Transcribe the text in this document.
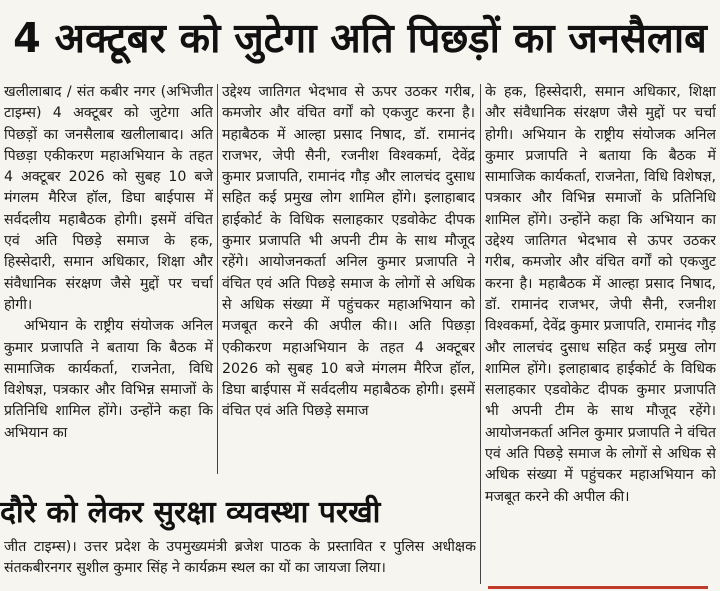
4 अक्टूबर को जुटेगा अति पिछड़ों का जनसैलाब

खलीलाबाद / संत कबीर नगर (अभिजीत टाइम्स) 4 अक्टूबर को जुटेगा अति पिछड़ों का जनसैलाब खलीलाबाद। अति पिछड़ा एकीकरण महाअभियान के तहत 4 अक्टूबर 2026 को सुबह 10 बजे मंगलम मैरिज हॉल, डिघा बाईपास में सर्वदलीय महाबैठक होगी। इसमें वंचित एवं अति पिछड़े समाज के हक, हिस्सेदारी, समान अधिकार, शिक्षा और संवैधानिक संरक्षण जैसे मुद्दों पर चर्चा होगी।

अभियान के राष्ट्रीय संयोजक अनिल कुमार प्रजापति ने बताया कि बैठक में सामाजिक कार्यकर्ता, राजनेता, विधि विशेषज्ञ, पत्रकार और विभिन्न समाजों के प्रतिनिधि शामिल होंगे। उन्होंने कहा कि अभियान का

उद्देश्य जातिगत भेदभाव से ऊपर उठकर गरीब, कमजोर और वंचित वर्गों को एकजुट करना है। महाबैठक में आल्हा प्रसाद निषाद, डॉ. रामानंद राजभर, जेपी सैनी, रजनीश विश्वकर्मा, देवेंद्र कुमार प्रजापति, रामानंद गौड़ और लालचंद दुसाध सहित कई प्रमुख लोग शामिल होंगे। इलाहाबाद हाईकोर्ट के विधिक सलाहकार एडवोकेट दीपक कुमार प्रजापति भी अपनी टीम के साथ मौजूद रहेंगे। आयोजनकर्ता अनिल कुमार प्रजापति ने वंचित एवं अति पिछड़े समाज के लोगों से अधिक से अधिक संख्या में पहुंचकर महाअभियान को मजबूत करने की अपील की।। अति पिछड़ा एकीकरण महाअभियान के तहत 4 अक्टूबर 2026 को सुबह 10 बजे मंगलम मैरिज हॉल, डिघा बाईपास में सर्वदलीय महाबैठक होगी। इसमें वंचित एवं अति पिछड़े समाज

के हक, हिस्सेदारी, समान अधिकार, शिक्षा और संवैधानिक संरक्षण जैसे मुद्दों पर चर्चा होगी। अभियान के राष्ट्रीय संयोजक अनिल कुमार प्रजापति ने बताया कि बैठक में सामाजिक कार्यकर्ता, राजनेता, विधि विशेषज्ञ, पत्रकार और विभिन्न समाजों के प्रतिनिधि शामिल होंगे। उन्होंने कहा कि अभियान का उद्देश्य जातिगत भेदभाव से ऊपर उठकर गरीब, कमजोर और वंचित वर्गों को एकजुट करना है। महाबैठक में आल्हा प्रसाद निषाद, डॉ. रामानंद राजभर, जेपी सैनी, रजनीश विश्वकर्मा, देवेंद्र कुमार प्रजापति, रामानंद गौड़ और लालचंद दुसाध सहित कई प्रमुख लोग शामिल होंगे। इलाहाबाद हाईकोर्ट के विधिक सलाहकार एडवोकेट दीपक कुमार प्रजापति भी अपनी टीम के साथ मौजूद रहेंगे। आयोजनकर्ता अनिल कुमार प्रजापति ने वंचित एवं अति पिछड़े समाज के लोगों से अधिक से अधिक संख्या में पहुंचकर महाअभियान को मजबूत करने की अपील की।

दौरे को लेकर सुरक्षा व्यवस्था परखी

जीत टाइम्स)। उत्तर प्रदेश के उपमुख्यमंत्री ब्रजेश पाठक के प्रस्तावित र पुलिस अधीक्षक संतकबीरनगर सुशील कुमार सिंह ने कार्यक्रम स्थल का यों का जायजा लिया।
